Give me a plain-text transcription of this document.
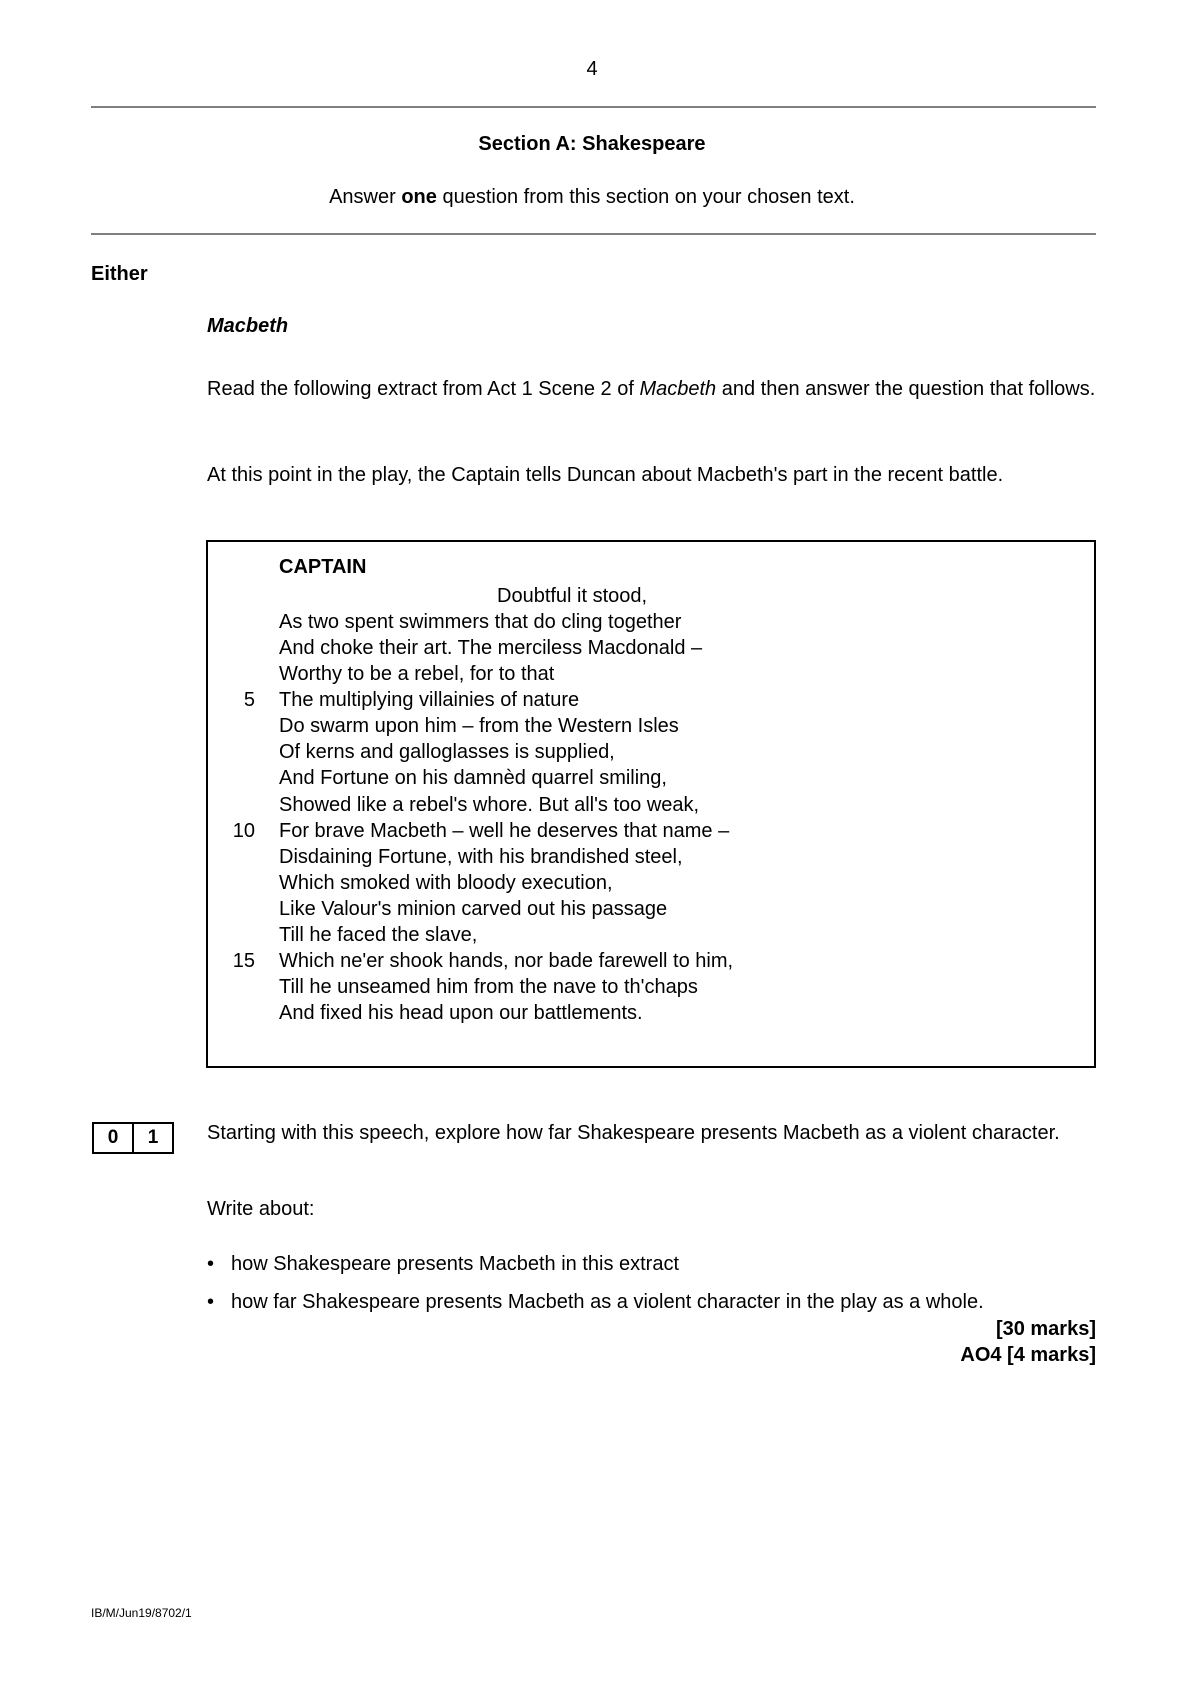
4
Section A: Shakespeare
Answer one question from this section on your chosen text.
Either
Macbeth
Read the following extract from Act 1 Scene 2 of Macbeth and then answer the question that follows.
At this point in the play, the Captain tells Duncan about Macbeth's part in the recent battle.
CAPTAIN
Doubtful it stood,
As two spent swimmers that do cling together
And choke their art. The merciless Macdonald –
Worthy to be a rebel, for to that
5 The multiplying villainies of nature
Do swarm upon him – from the Western Isles
Of kerns and galloglasses is supplied,
And Fortune on his damnèd quarrel smiling,
Showed like a rebel's whore. But all's too weak,
10 For brave Macbeth – well he deserves that name –
Disdaining Fortune, with his brandished steel,
Which smoked with bloody execution,
Like Valour's minion carved out his passage
Till he faced the slave,
15 Which ne'er shook hands, nor bade farewell to him,
Till he unseamed him from the nave to th'chaps
And fixed his head upon our battlements.
0	1	Starting with this speech, explore how far Shakespeare presents Macbeth as a violent character.
Write about:
• how Shakespeare presents Macbeth in this extract
• how far Shakespeare presents Macbeth as a violent character in the play as a whole.
[30 marks]
AO4 [4 marks]
IB/M/Jun19/8702/1
